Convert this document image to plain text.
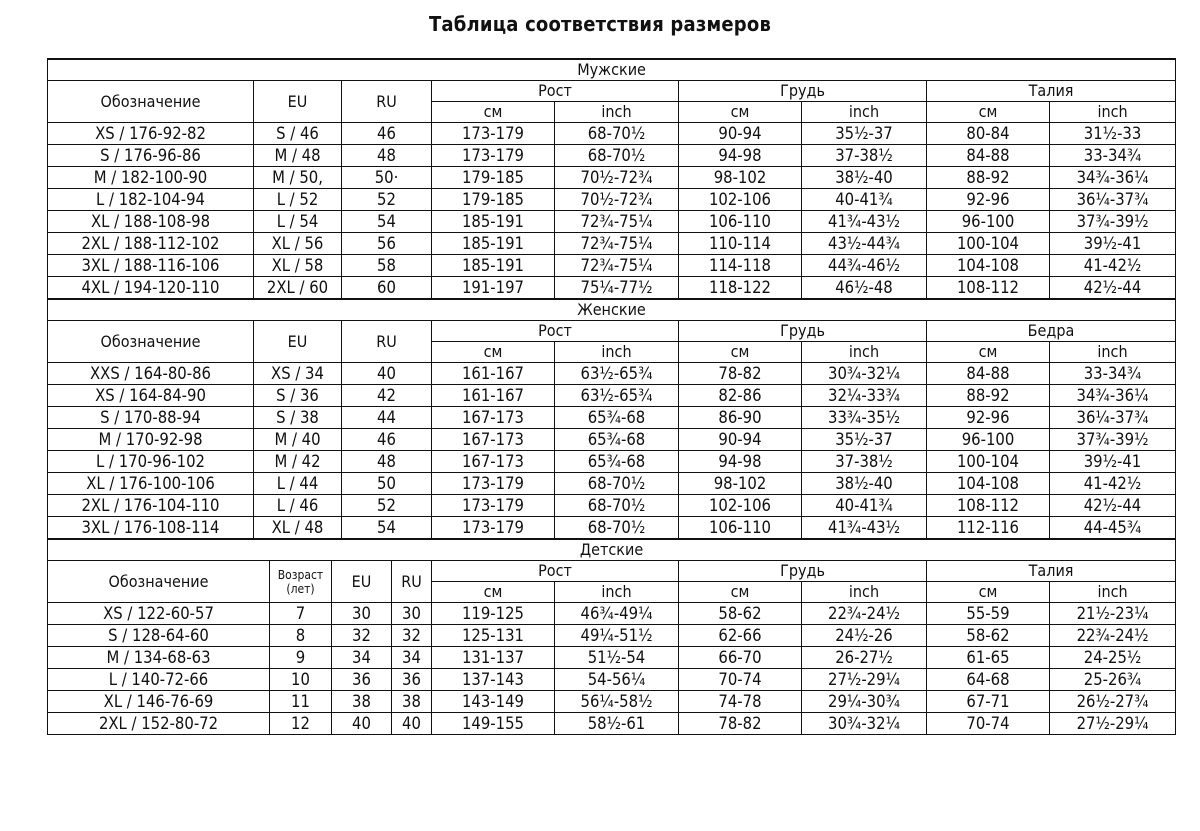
Таблица соответствия размеров
Мужские								
Обозначение	EU	RU	Рост		Грудь		Талия	
			см	inch	см	inch	см	inch
XS / 176-92-82	S / 46	46	173-179	68-70½	90-94	35½-37	80-84	31½-33
S / 176-96-86	M / 48	48	173-179	68-70½	94-98	37-38½	84-88	33-34¾
M / 182-100-90	M / 50,	50·	179-185	70½-72¾	98-102	38½-40	88-92	34¾-36¼
L / 182-104-94	L / 52	52	179-185	70½-72¾	102-106	40-41¾	92-96	36¼-37¾
XL / 188-108-98	L / 54	54	185-191	72¾-75¼	106-110	41¾-43½	96-100	37¾-39½
2XL / 188-112-102	XL / 56	56	185-191	72¾-75¼	110-114	43½-44¾	100-104	39½-41
3XL / 188-116-106	XL / 58	58	185-191	72¾-75¼	114-118	44¾-46½	104-108	41-42½
4XL / 194-120-110	2XL / 60	60	191-197	75¼-77½	118-122	46½-48	108-112	42½-44
Женские								
Обозначение	EU	RU	Рост		Грудь		Бедра	
			см	inch	см	inch	см	inch
XXS / 164-80-86	XS / 34	40	161-167	63½-65¾	78-82	30¾-32¼	84-88	33-34¾
XS / 164-84-90	S / 36	42	161-167	63½-65¾	82-86	32¼-33¾	88-92	34¾-36¼
S / 170-88-94	S / 38	44	167-173	65¾-68	86-90	33¾-35½	92-96	36¼-37¾
M / 170-92-98	M / 40	46	167-173	65¾-68	90-94	35½-37	96-100	37¾-39½
L / 170-96-102	M / 42	48	167-173	65¾-68	94-98	37-38½	100-104	39½-41
XL / 176-100-106	L / 44	50	173-179	68-70½	98-102	38½-40	104-108	41-42½
2XL / 176-104-110	L / 46	52	173-179	68-70½	102-106	40-41¾	108-112	42½-44
3XL / 176-108-114	XL / 48	54	173-179	68-70½	106-110	41¾-43½	112-116	44-45¾
Детские									
Обозначение	Возраст (лет)	EU	RU	Рост		Грудь		Талия	
				см	inch	см	inch	см	inch
XS / 122-60-57	7	30	30	119-125	46¾-49¼	58-62	22¾-24½	55-59	21½-23¼
S / 128-64-60	8	32	32	125-131	49¼-51½	62-66	24½-26	58-62	22¾-24½
M / 134-68-63	9	34	34	131-137	51½-54	66-70	26-27½	61-65	24-25½
L / 140-72-66	10	36	36	137-143	54-56¼	70-74	27½-29¼	64-68	25-26¾
XL / 146-76-69	11	38	38	143-149	56¼-58½	74-78	29¼-30¾	67-71	26½-27¾
2XL / 152-80-72	12	40	40	149-155	58½-61	78-82	30¾-32¼	70-74	27½-29¼
